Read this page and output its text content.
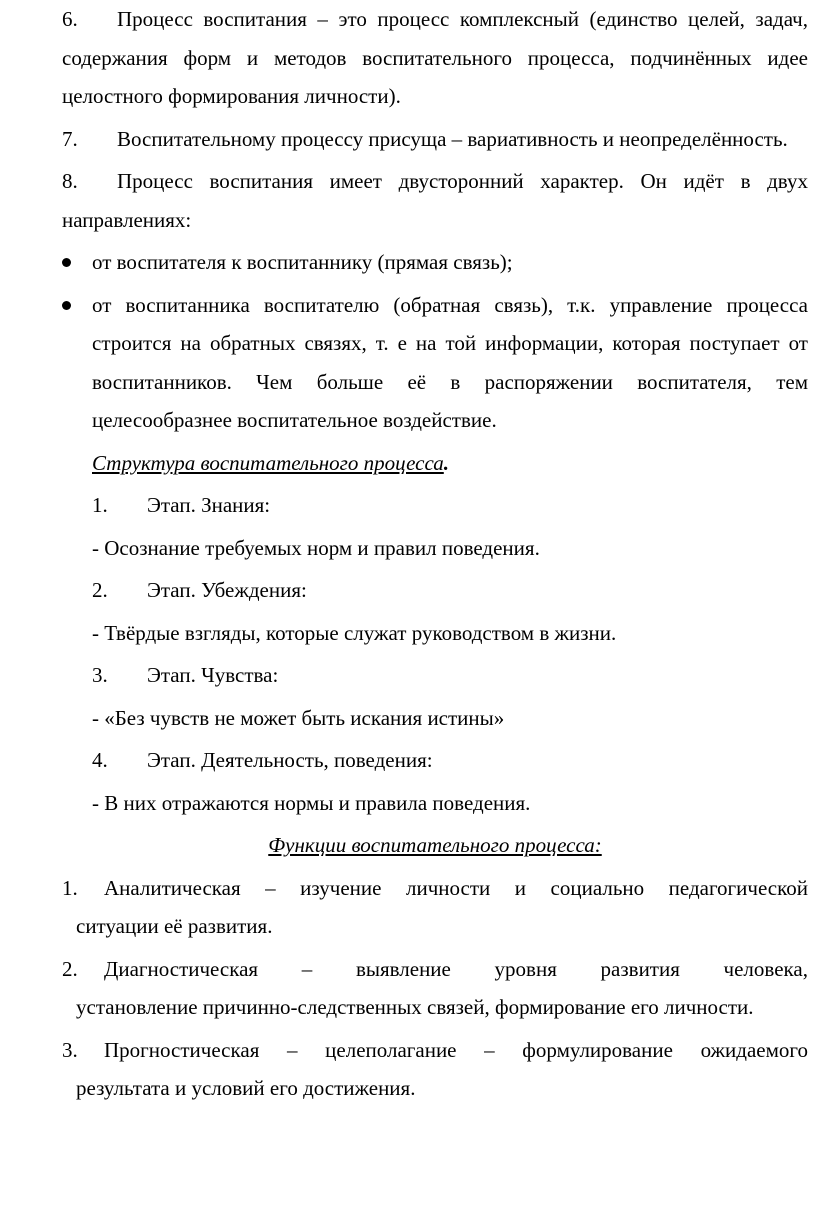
6. Процесс воспитания – это процесс комплексный (единство целей, задач, содержания форм и методов воспитательного процесса, подчинённых идее целостного формирования личности).
7. Воспитательному процессу присуща – вариативность и неопределённость.
8. Процесс воспитания имеет двусторонний характер. Он идёт в двух направлениях:
от воспитателя к воспитаннику (прямая связь);
от воспитанника воспитателю (обратная связь), т.к. управление процесса строится на обратных связях, т. е на той информации, которая поступает от воспитанников. Чем больше её в распоряжении воспитателя, тем целесообразнее воспитательное воздействие.
Структура воспитательного процесса.
1. Этап. Знания:
- Осознание требуемых норм и правил поведения.
2. Этап. Убеждения:
- Твёрдые взгляды, которые служат руководством в жизни.
3. Этап. Чувства:
- «Без чувств не может быть искания истины»
4. Этап. Деятельность, поведения:
- В них отражаются нормы и правила поведения.
Функции воспитательного процесса:
1. Аналитическая – изучение личности и социально педагогической
ситуации её развития.
2. Диагностическая – выявление уровня развития человека,
установление причинно-следственных связей, формирование его личности.
3. Прогностическая – целеполагание – формулирование ожидаемого
результата и условий его достижения.
